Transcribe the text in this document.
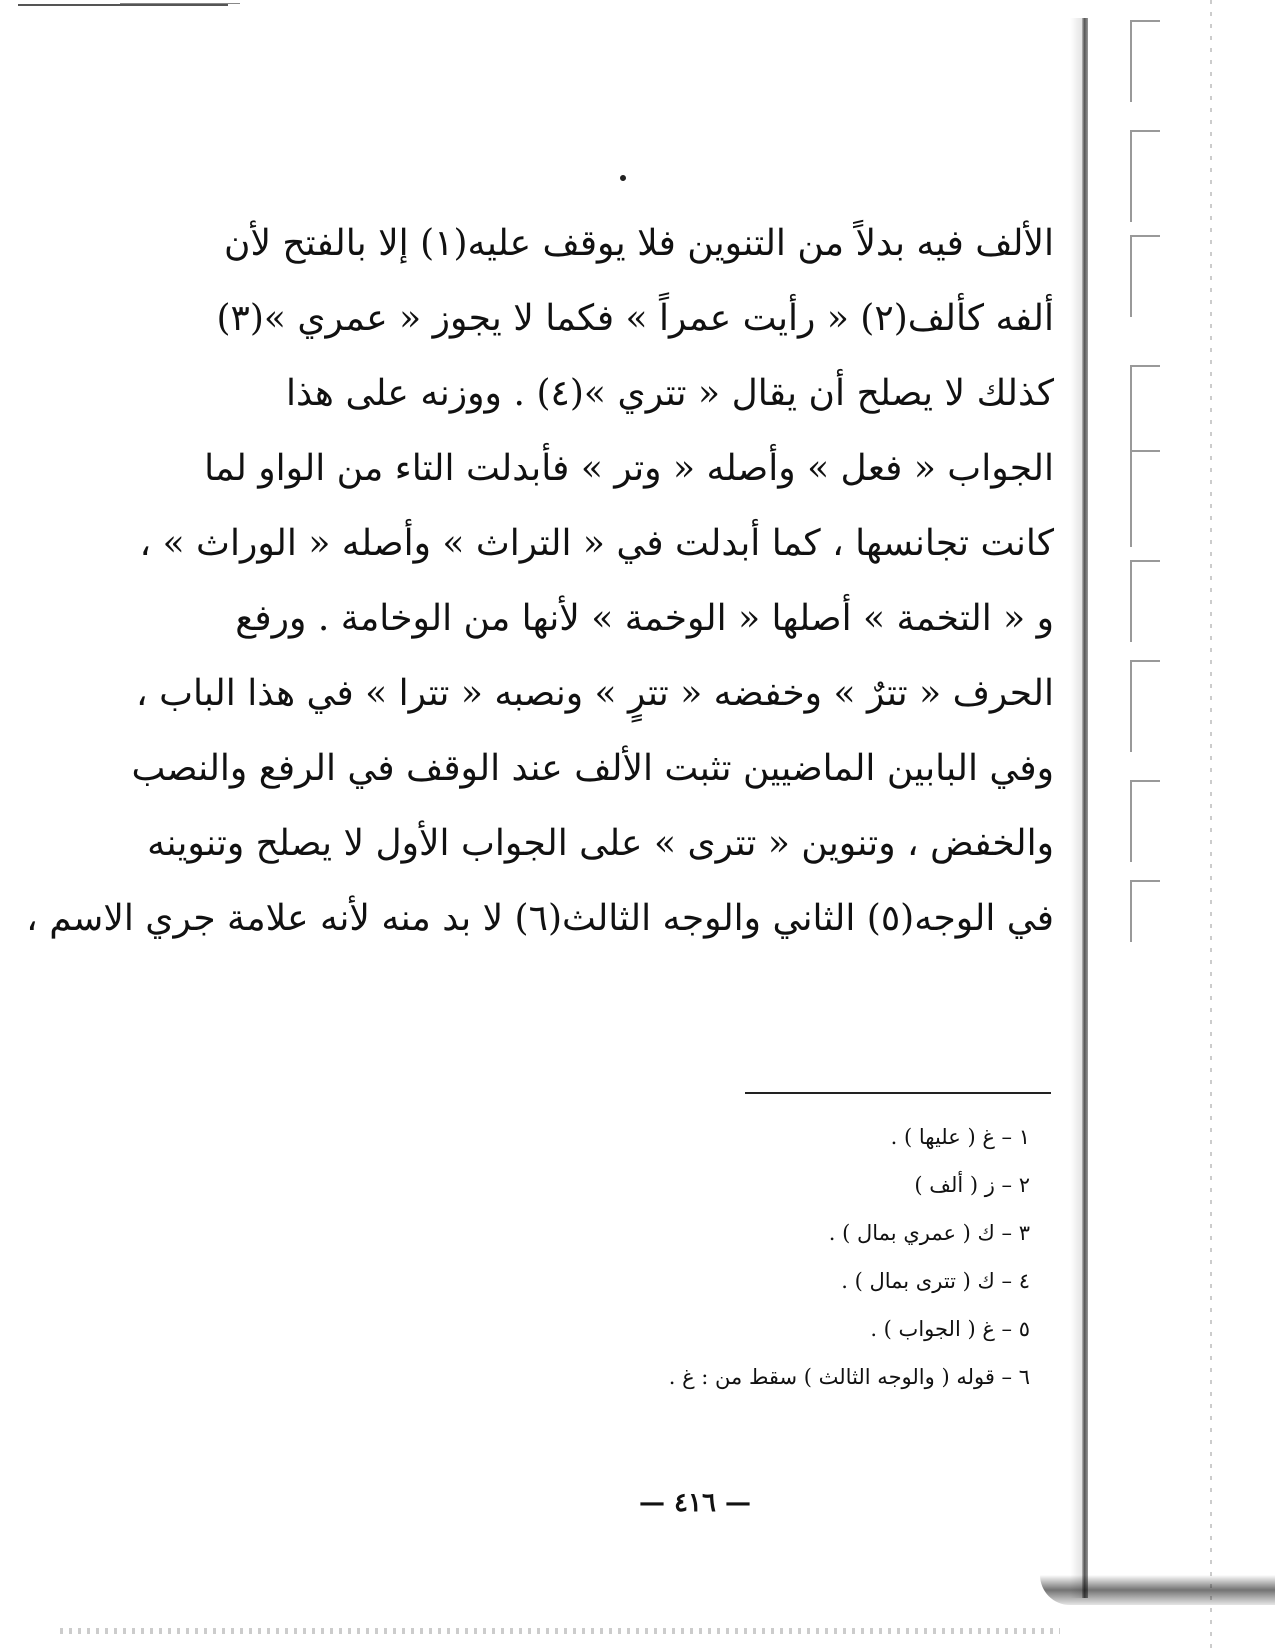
الألف فيه بدلاً من التنوين فلا يوقف عليه(١) إلا بالفتح لأن
ألفه كألف(٢) « رأيت عمراً » فكما لا يجوز « عمري »(٣)
كذلك لا يصلح أن يقال « تتري »(٤) . ووزنه على هذا
الجواب « فعل » وأصله « وتر » فأبدلت التاء من الواو لما
كانت تجانسها ، كما أبدلت في « التراث » وأصله « الوراث » ،
و « التخمة » أصلها « الوخمة » لأنها من الوخامة . ورفع
الحرف « تترٌ » وخفضه « تترٍ » ونصبه « تترا » في هذا الباب ،
وفي البابين الماضيين تثبت الألف عند الوقف في الرفع والنصب
والخفض ، وتنوين « تترى » على الجواب الأول لا يصلح وتنوينه
في الوجه(٥) الثاني والوجه الثالث(٦) لا بد منه لأنه علامة جري الاسم ،
١ – غ ( عليها ) .
٢ – ز ( ألف )
٣ – ك ( عمري بمال ) .
٤ – ك ( تترى بمال ) .
٥ – غ ( الجواب ) .
٦ – قوله ( والوجه الثالث ) سقط من : غ .
— ٤١٦ —
